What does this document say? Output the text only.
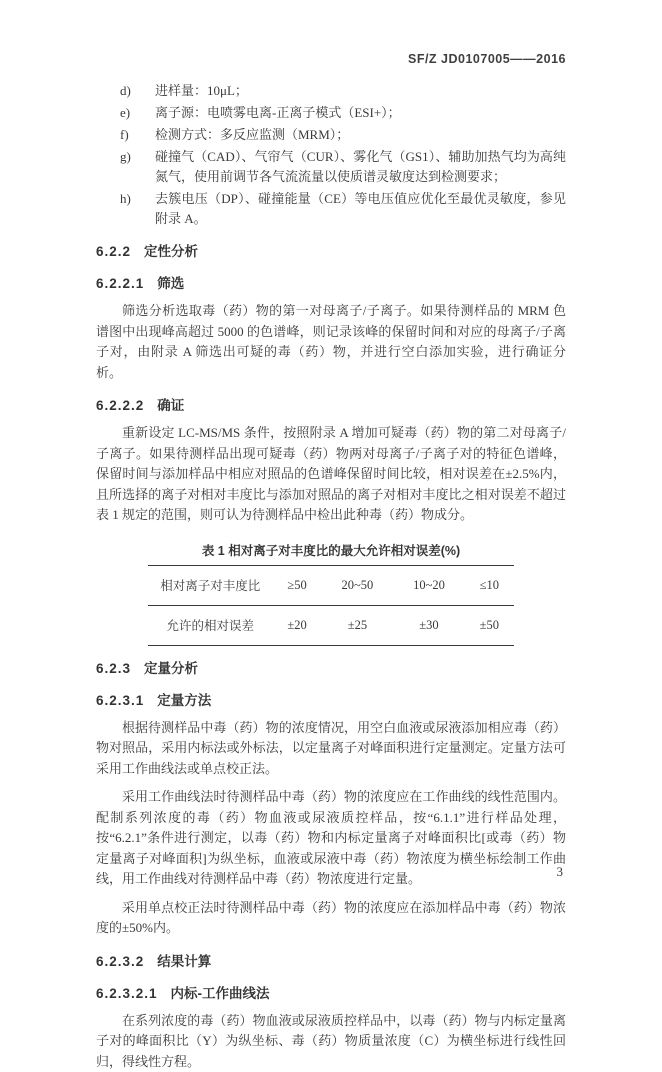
SF/Z JD0107005——2016
d)	进样量：10μL；
e)	离子源：电喷雾电离-正离子模式（ESI+）；
f)	检测方式：多反应监测（MRM）；
g)	碰撞气（CAD）、气帘气（CUR）、雾化气（GS1）、辅助加热气均为高纯氮气，使用前调节各气流流量以使质谱灵敏度达到检测要求；
h)	去簇电压（DP）、碰撞能量（CE）等电压值应优化至最优灵敏度，参见附录 A。
6.2.2 定性分析
6.2.2.1 筛选

筛选分析选取毒（药）物的第一对母离子/子离子。如果待测样品的 MRM 色谱图中出现峰高超过 5000 的色谱峰，则记录该峰的保留时间和对应的母离子/子离子对，由附录 A 筛选出可疑的毒（药）物，并进行空白添加实验，进行确证分析。

6.2.2.2 确证

重新设定 LC-MS/MS 条件，按照附录 A 增加可疑毒（药）物的第二对母离子/子离子。如果待测样品出现可疑毒（药）物两对母离子/子离子对的特征色谱峰，保留时间与添加样品中相应对照品的色谱峰保留时间比较，相对误差在±2.5%内，且所选择的离子对相对丰度比与添加对照品的离子对相对丰度比之相对误差不超过表 1 规定的范围，则可认为待测样品中检出此种毒（药）物成分。

表 1 相对离子对丰度比的最大允许相对误差(%)
相对离子对丰度比	≥50	20~50	10~20	≤10
允许的相对误差	±20	±25	±30	±50
6.2.3 定量分析
6.2.3.1 定量方法

根据待测样品中毒（药）物的浓度情况，用空白血液或尿液添加相应毒（药）物对照品，采用内标法或外标法，以定量离子对峰面积进行定量测定。定量方法可采用工作曲线法或单点校正法。

采用工作曲线法时待测样品中毒（药）物的浓度应在工作曲线的线性范围内。配制系列浓度的毒（药）物血液或尿液质控样品，按“6.1.1”进行样品处理，按“6.2.1”条件进行测定，以毒（药）物和内标定量离子对峰面积比[或毒（药）物定量离子对峰面积]为纵坐标，血液或尿液中毒（药）物浓度为横坐标绘制工作曲线，用工作曲线对待测样品中毒（药）物浓度进行定量。

采用单点校正法时待测样品中毒（药）物的浓度应在添加样品中毒（药）物浓度的±50%内。

6.2.3.2 结果计算
6.2.3.2.1 内标-工作曲线法

在系列浓度的毒（药）物血液或尿液质控样品中，以毒（药）物与内标定量离子对的峰面积比（Y）为纵坐标、毒（药）物质量浓度（C）为横坐标进行线性回归，得线性方程。

3
